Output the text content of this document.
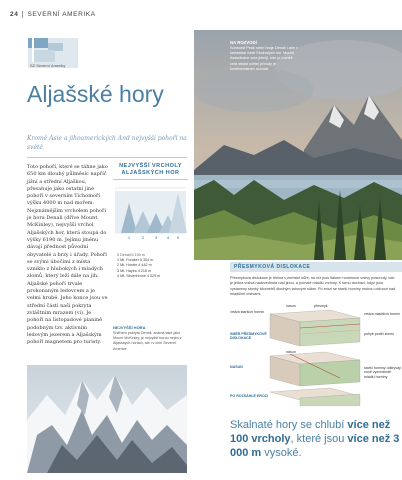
24 SEVERNÍ AMERIKA
SZ Severní Ameriky
Aljašské hory
Kromě Asie a jihoamerických And nejvyšší pohoří na světě
Toto pohoří, které se táhne jako 650 km dlouhý půlměsíc napříč jižní a střední Aljaškou, přesahuje jako ostatní jiné pohoří v severním Tichomoří výšku 4000 m nad mořem. Nejznámějším vrcholem pohoří je hora Denali (dříve Mount McKinley), nejvyšší vrchol Aljašských hor, která stoupá do výšky 6190 m. Jejímu jménu dávají přednost původní obyvatelé a brzy i úřady. Pohoří se svými úbočími z místa vzniklo z hlubokých i mladých zlomů, který leží dále na jih. Aljašské pohoří trvale prokonaným ledovcem a je velmi hrubé. Jeho konce jsou ve střední části naší pokryta zvláštním mrazem (ví). Je pohoří na listopadové planině podobným tzv. aktivním ledovým jezerem a Aljašským pohoří magnetem pro turisty.
NEJVYŠŠÍ VRCHOLY ALJAŠSKÝCH HOR
1	2	3 4 5
5 Denali 6 190 m
1 Mt. Foraker 5 304 m
2 Mt. Hunter 4 442 m
3 Mt. Hayes 4 216 m
4 Mt. Silverthrone 4 029 m
NEJVYŠŠÍ HORA
Sněhem pokrytá Denali, známá také jako Mount McKinley, je nejvyšší horou nejen v Aljašských horách, ale i v celé Severní Americe.
NA ROZVODÍ
Sunburst Peak strmí hraje Denali Lake v kanadské části Skalnatých hor. Mount Assiniboine více jižněji, kde je rovněž celá oblast světel přírody je kontinentálním rozvodí.
PŘESMYKOVÁ DISLOKACE
Přesmyková dislokace je trhlina v zemské kůře, na níž jsou tlakem horninové vrstvy posunuty, kde je jedna vrstva nadzvednuta nad jinou, a pomalé mladší vrcholy. K tomu dochází, když jsou vystaveny stovky kilometrů dlouhým tahovým silám. Po erozi se starší horniny mohou ocitnout nad mladšími vrstvami.
vrstva starších hornin
nasun	přesmyk
vrstva mladších hornin
SMĚR PŘESMYKOVÉ DISLOKACE
pohyb podél zlomu
násun
NÁSUN	starší horniny odkrývají nově vyzvednuté mladší horniny
PO ROZSÁHLÉ EROZI
Skalnaté hory se chlubí více než 100 vrcholy, které jsou více než 3 000 m vysoké.
